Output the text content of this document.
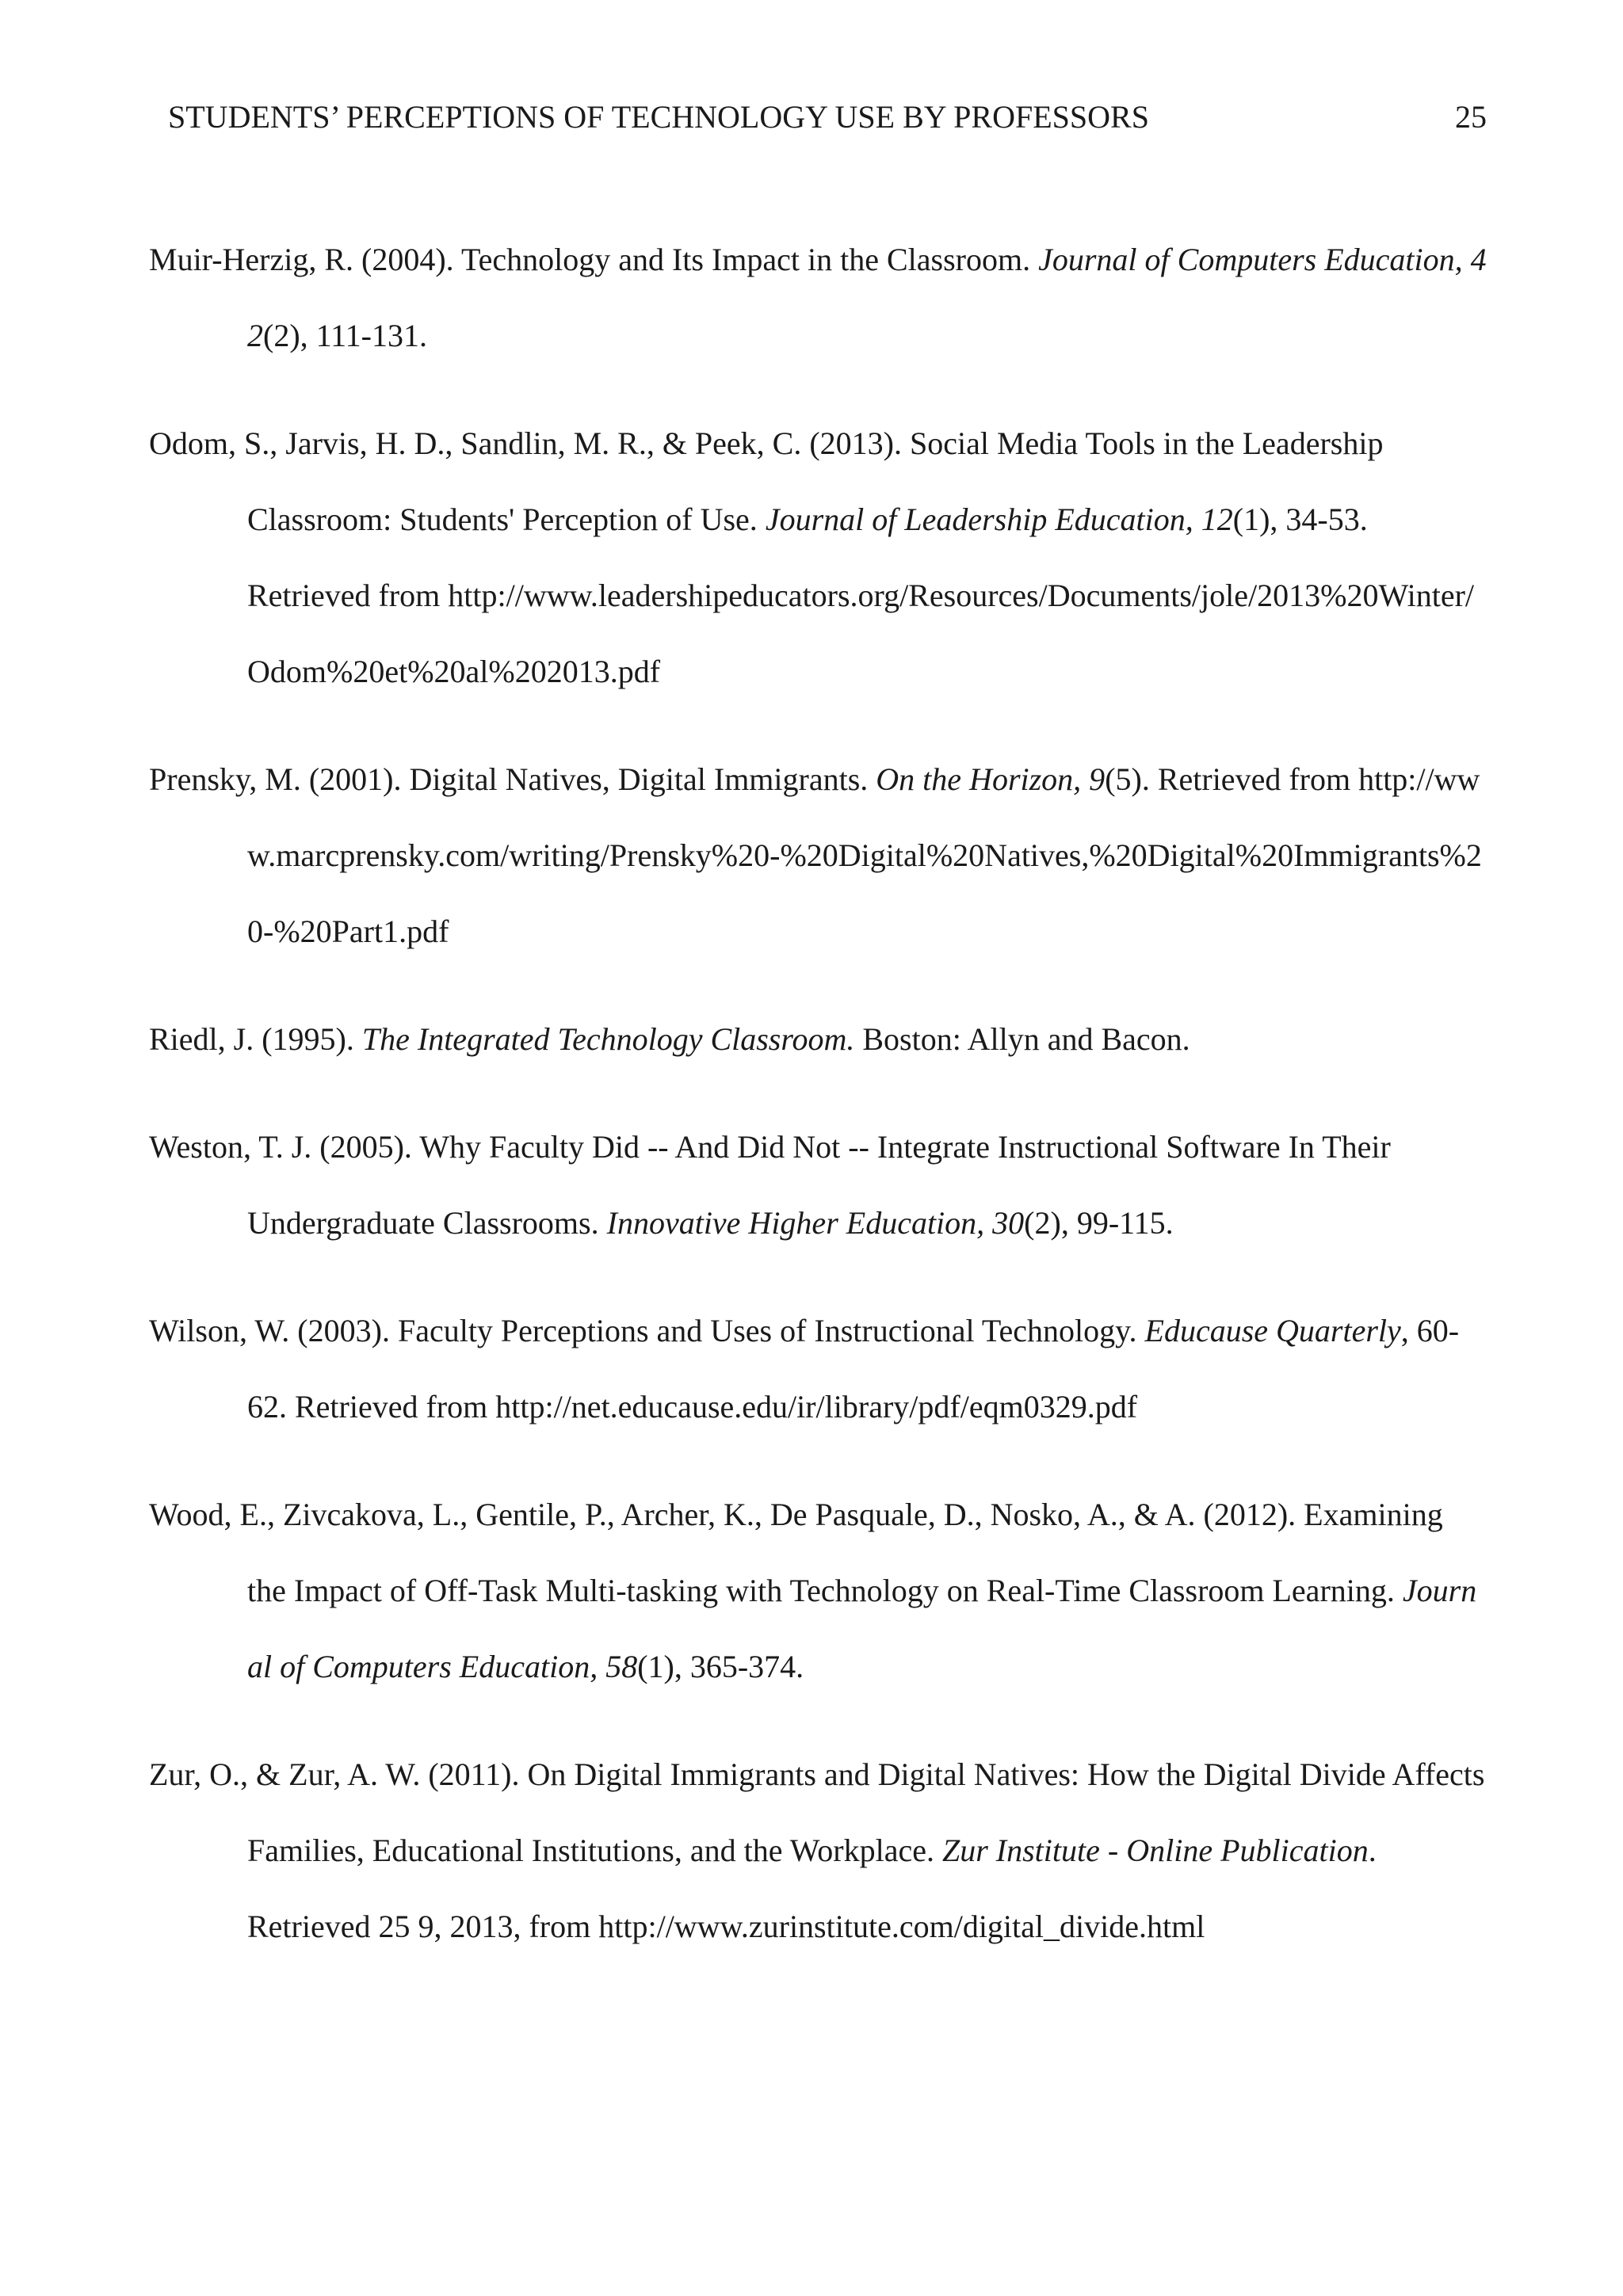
STUDENTS’ PERCEPTIONS OF TECHNOLOGY USE BY PROFESSORS	25

Muir-Herzig, R. (2004). Technology and Its Impact in the Classroom. Journal of Computers Education, 42(2), 111-131.

Odom, S., Jarvis, H. D., Sandlin, M. R., & Peek, C. (2013). Social Media Tools in the Leadership Classroom: Students' Perception of Use. Journal of Leadership Education, 12(1), 34-53. Retrieved from http://www.leadershipeducators.org/Resources/Documents/jole/2013%20Winter/Odom%20et%20al%202013.pdf

Prensky, M. (2001). Digital Natives, Digital Immigrants. On the Horizon, 9(5). Retrieved from http://www.marcprensky.com/writing/Prensky%20-%20Digital%20Natives,%20Digital%20Immigrants%20-%20Part1.pdf

Riedl, J. (1995). The Integrated Technology Classroom. Boston: Allyn and Bacon.

Weston, T. J. (2005). Why Faculty Did -- And Did Not -- Integrate Instructional Software In Their Undergraduate Classrooms. Innovative Higher Education, 30(2), 99-115.

Wilson, W. (2003). Faculty Perceptions and Uses of Instructional Technology. Educause Quarterly, 60-62. Retrieved from http://net.educause.edu/ir/library/pdf/eqm0329.pdf

Wood, E., Zivcakova, L., Gentile, P., Archer, K., De Pasquale, D., Nosko, A., & A. (2012). Examining the Impact of Off-Task Multi-tasking with Technology on Real-Time Classroom Learning. Journal of Computers Education, 58(1), 365-374.

Zur, O., & Zur, A. W. (2011). On Digital Immigrants and Digital Natives: How the Digital Divide Affects Families, Educational Institutions, and the Workplace. Zur Institute - Online Publication. Retrieved 25 9, 2013, from http://www.zurinstitute.com/digital_divide.html
